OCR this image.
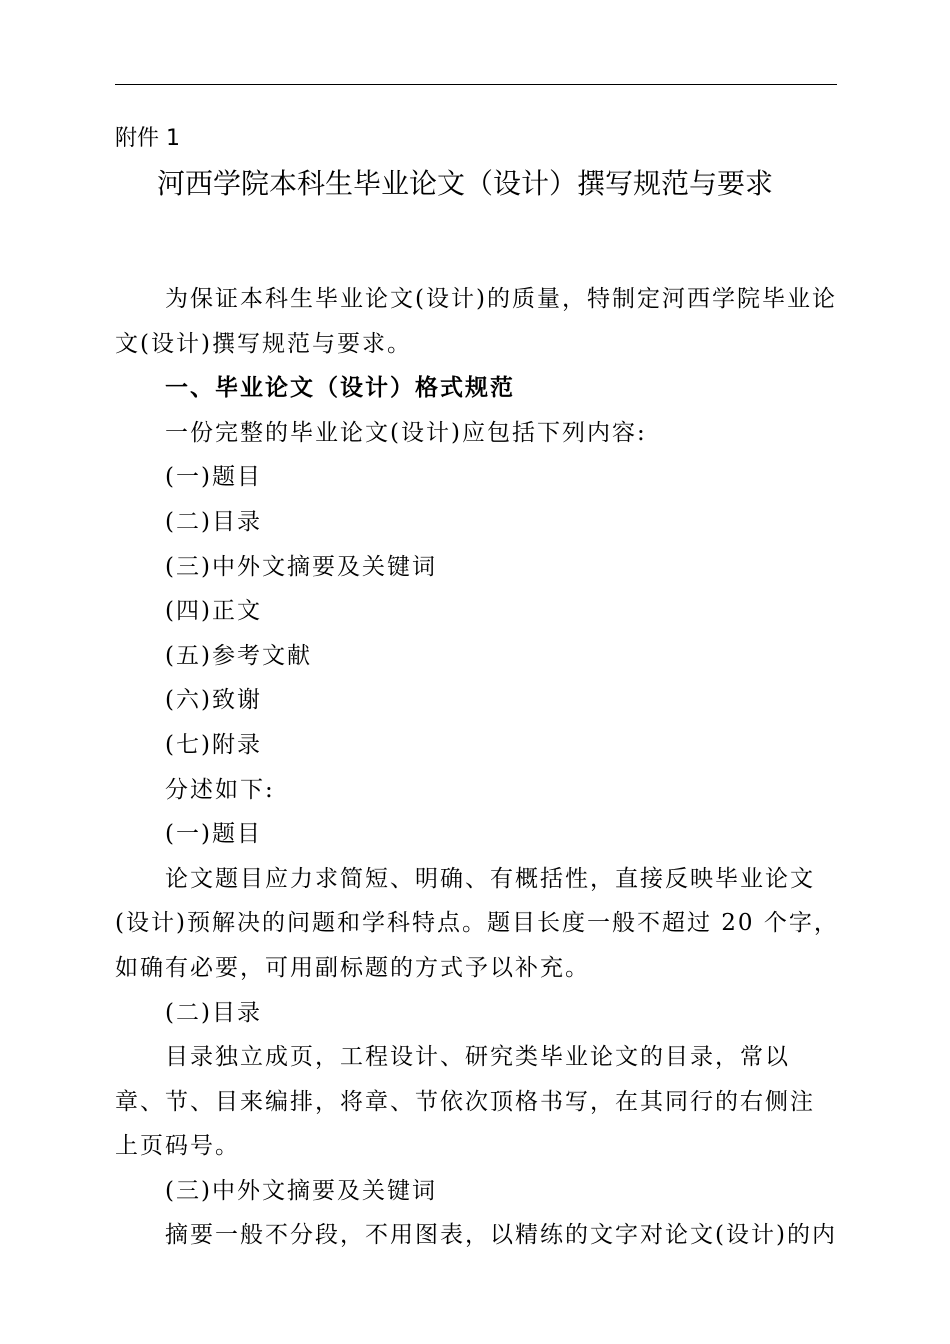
附件 1
河西学院本科生毕业论文（设计）撰写规范与要求

为保证本科生毕业论文(设计)的质量，特制定河西学院毕业论文(设计)撰写规范与要求。

一、毕业论文（设计）格式规范

一份完整的毕业论文(设计)应包括下列内容:

(一)题目

(二)目录

(三)中外文摘要及关键词

(四)正文

(五)参考文献

(六)致谢

(七)附录

分述如下:

(一)题目

论文题目应力求简短、明确、有概括性，直接反映毕业论文(设计)预解决的问题和学科特点。题目长度一般不超过 20 个字，如确有必要，可用副标题的方式予以补充。

(二)目录

目录独立成页，工程设计、研究类毕业论文的目录，常以章、节、目来编排，将章、节依次顶格书写，在其同行的右侧注上页码号。

(三)中外文摘要及关键词

摘要一般不分段，不用图表，以精练的文字对论文(设计)的内
